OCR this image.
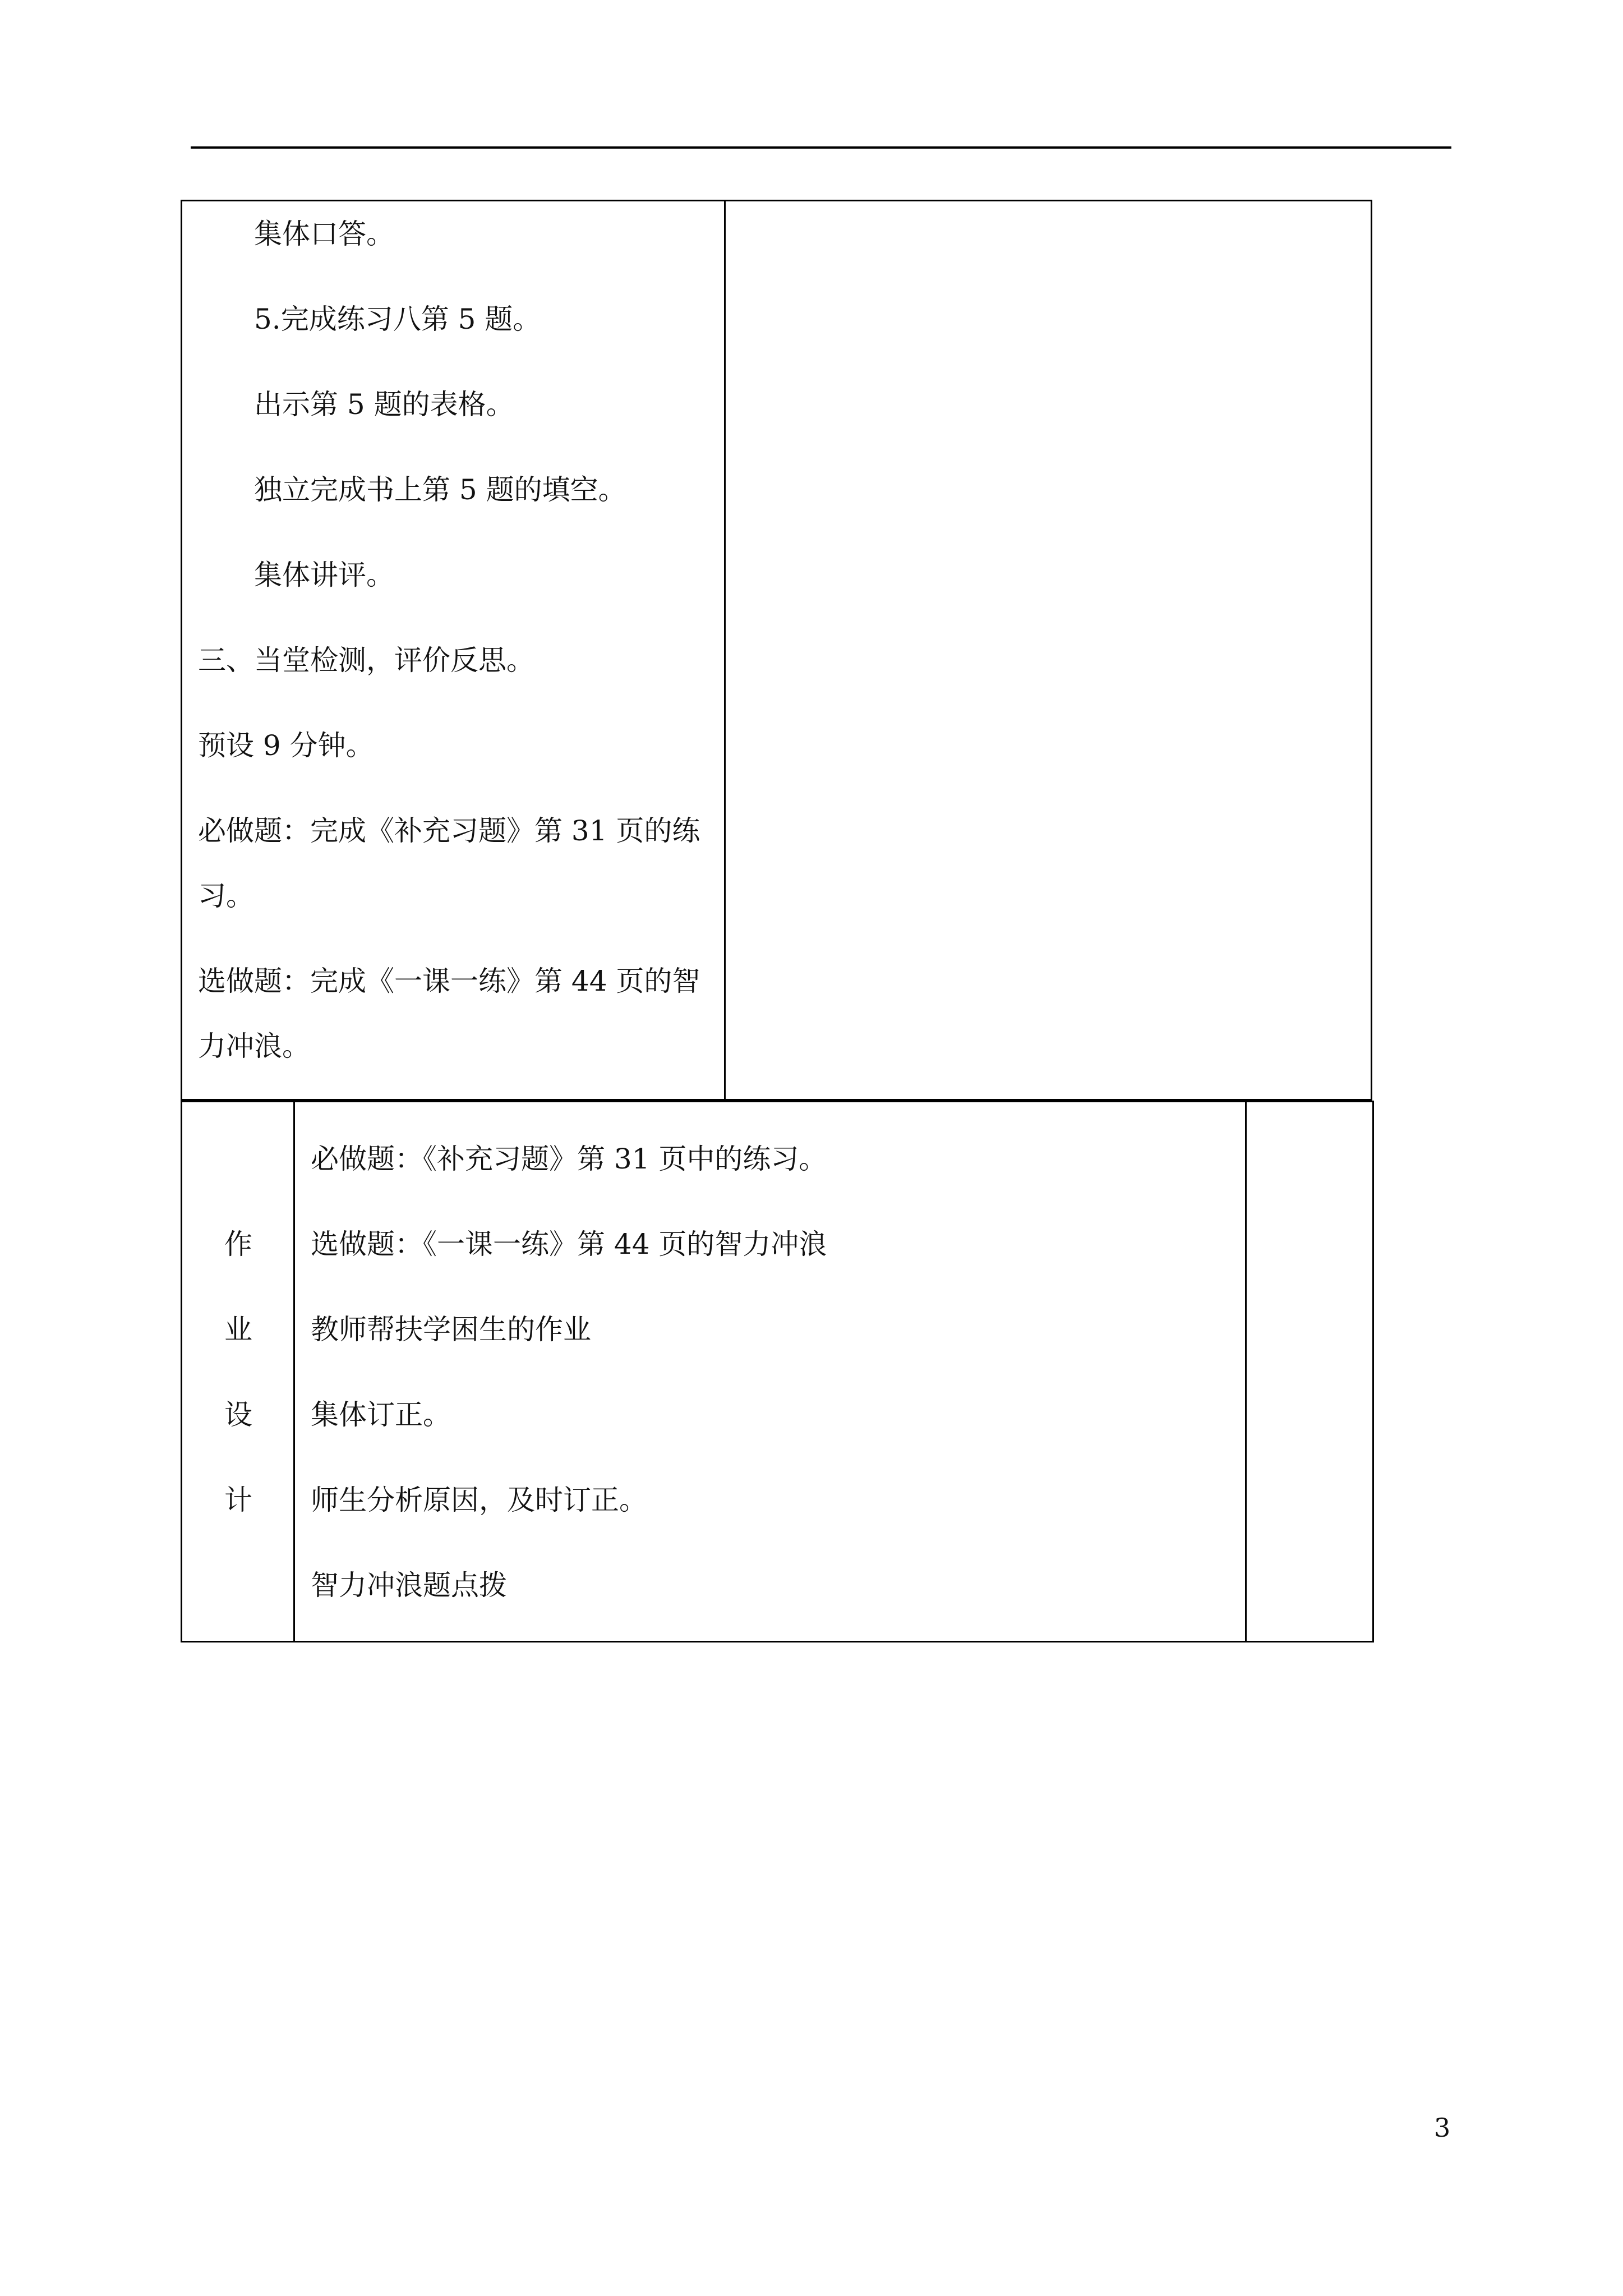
集体口答。
5.完成练习八第 5 题。
出示第 5 题的表格。
独立完成书上第 5 题的填空。
集体讲评。
三、当堂检测，评价反思。
预设 9 分钟。
必做题：完成《补充习题》第 31 页的练
习。
选做题：完成《一课一练》第 44 页的智
力冲浪。

作
业
设
计

必做题：《补充习题》第 31 页中的练习。
选做题：《一课一练》第 44 页的智力冲浪
教师帮扶学困生的作业
集体订正。
师生分析原因，及时订正。
智力冲浪题点拨

3
